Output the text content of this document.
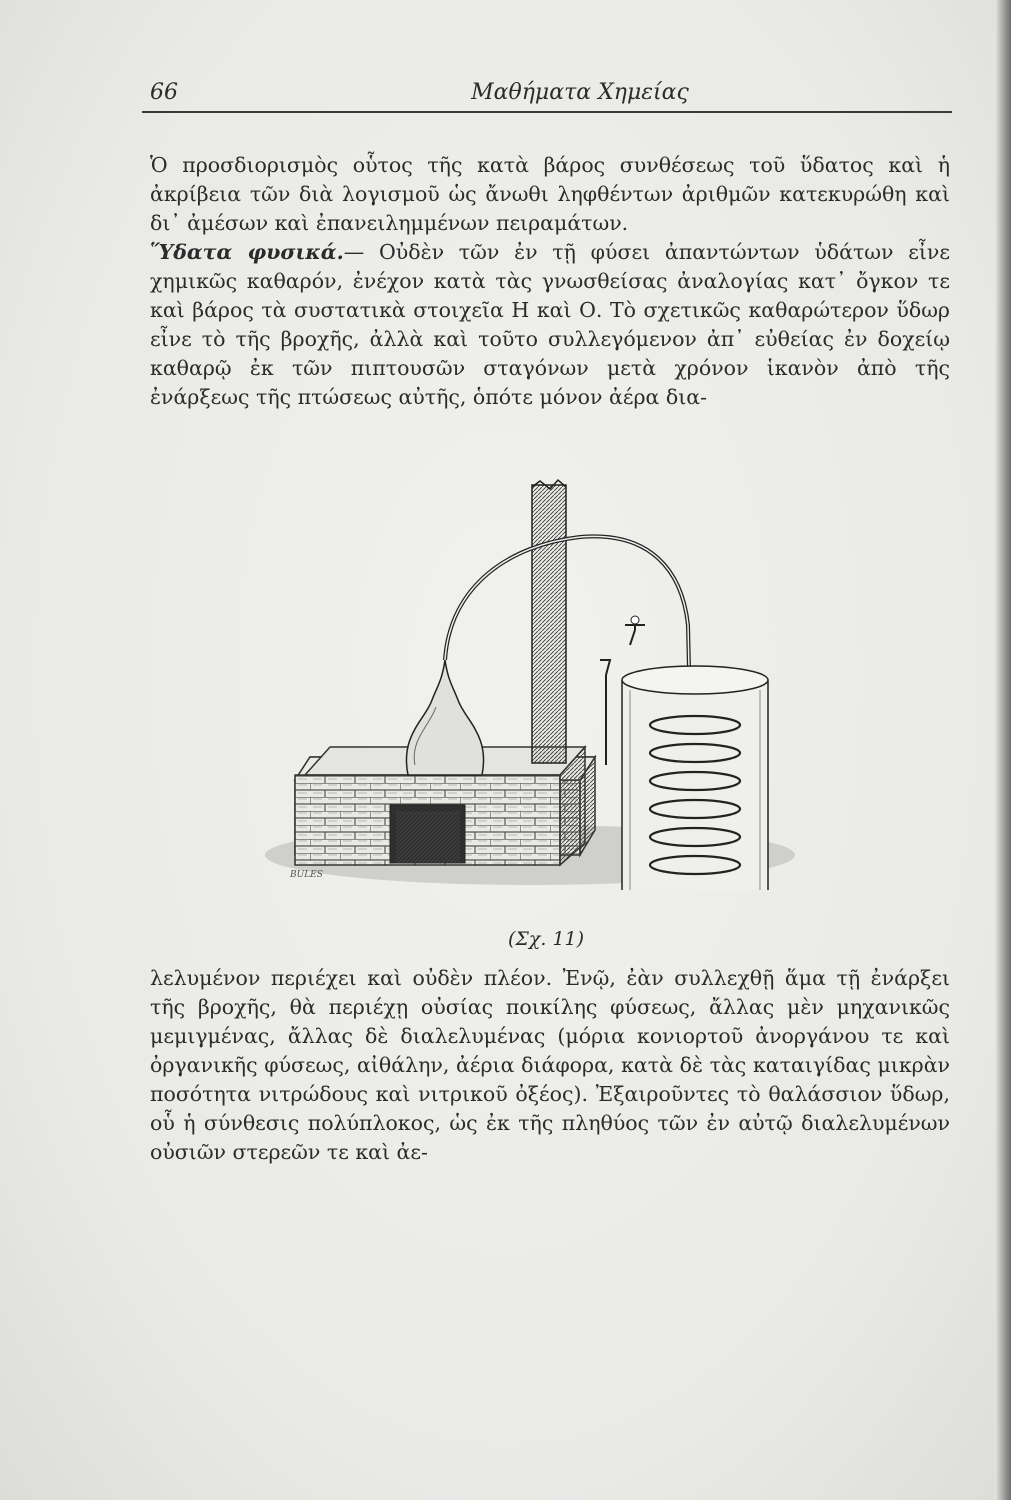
66	Μαθήματα Χημείας
Ὁ προσδιορισμὸς οὗτος τῆς κατὰ βάρος συνθέσεως τοῦ ὕδατος καὶ ἡ ἀκρίβεια τῶν διὰ λογισμοῦ ὡς ἄνωθι ληφθέντων ἀριθμῶν κατεκυρώθη καὶ δι᾽ ἀμέσων καὶ ἐπανειλημμένων πειραμάτων.
Ὕδατα φυσικά.— Οὐδὲν τῶν ἐν τῇ φύσει ἀπαντώντων ὑδάτων εἶνε χημικῶς καθαρόν, ἐνέχον κατὰ τὰς γνωσθείσας ἀναλογίας κατ᾽ ὄγκον τε καὶ βάρος τὰ συστατικὰ στοιχεῖα Η καὶ Ο. Τὸ σχετικῶς καθαρώτερον ὕδωρ εἶνε τὸ τῆς βροχῆς, ἀλλὰ καὶ τοῦτο συλλεγόμενον ἀπ᾽ εὐθείας ἐν δοχείῳ καθαρῷ ἐκ τῶν πιπτουσῶν σταγόνων μετὰ χρόνον ἱκανὸν ἀπὸ τῆς ἐνάρξεως τῆς πτώσεως αὐτῆς, ὁπότε μόνον ἀέρα δια-
BULES
(Σχ. 11)
λελυμένον περιέχει καὶ οὐδὲν πλέον. Ἐνῷ, ἐὰν συλλεχθῇ ἅμα τῇ ἐνάρξει τῆς βροχῆς, θὰ περιέχῃ οὐσίας ποικίλης φύσεως, ἄλλας μὲν μηχανικῶς μεμιγμένας, ἄλλας δὲ διαλελυμένας (μόρια κονιορτοῦ ἀνοργάνου τε καὶ ὀργανικῆς φύσεως, αἰθάλην, ἀέρια διάφορα, κατὰ δὲ τὰς καταιγίδας μικρὰν ποσότητα νιτρώδους καὶ νιτρικοῦ ὀξέος). Ἐξαιροῦντες τὸ θαλάσσιον ὕδωρ, οὗ ἡ σύνθεσις πολύπλοκος, ὡς ἐκ τῆς πληθύος τῶν ἐν αὐτῷ διαλελυμένων οὐσιῶν στερεῶν τε καὶ ἀε-
